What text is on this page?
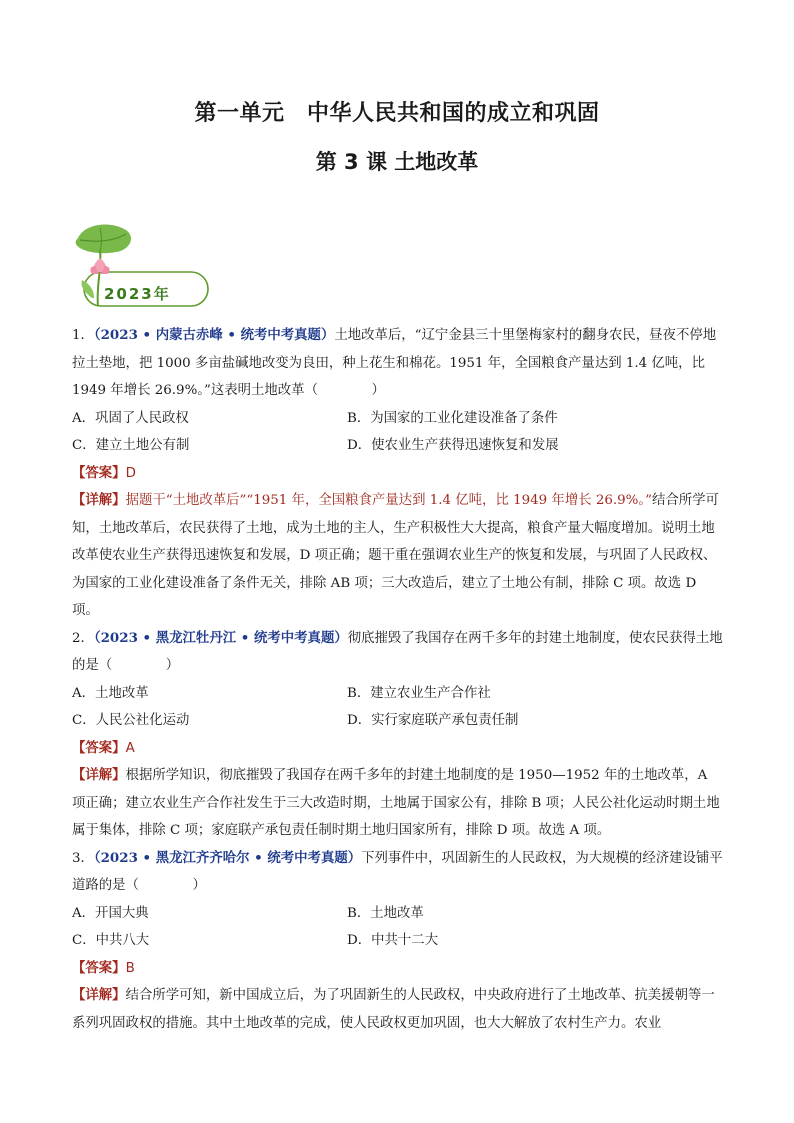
第一单元　中华人民共和国的成立和巩固
第 3 课 土地改革
2023年

1．（2023 • 内蒙古赤峰 • 统考中考真题）土地改革后，“辽宁金县三十里堡梅家村的翻身农民，昼夜不停地拉土垫地，把 1000 多亩盐碱地改变为良田，种上花生和棉花。1951 年，全国粮食产量达到 1.4 亿吨，比 1949 年增长 26.9%。”这表明土地改革（　　　　）

A．巩固了人民政权	B．为国家的工业化建设准备了条件
C．建立土地公有制	D．使农业生产获得迅速恢复和发展

【答案】D

【详解】据题干“土地改革后”“1951 年，全国粮食产量达到 1.4 亿吨，比 1949 年增长 26.9%。”结合所学可知，土地改革后，农民获得了土地，成为土地的主人，生产积极性大大提高，粮食产量大幅度增加。说明土地改革使农业生产获得迅速恢复和发展，D 项正确；题干重在强调农业生产的恢复和发展，与巩固了人民政权、为国家的工业化建设准备了条件无关，排除 AB 项；三大改造后，建立了土地公有制，排除 C 项。故选 D 项。

2．（2023 • 黑龙江牡丹江 • 统考中考真题）彻底摧毁了我国存在两千多年的封建土地制度，使农民获得土地的是（　　　　）

A．土地改革	B．建立农业生产合作社
C．人民公社化运动	D．实行家庭联产承包责任制

【答案】A

【详解】根据所学知识，彻底摧毁了我国存在两千多年的封建土地制度的是 1950—1952 年的土地改革，A 项正确；建立农业生产合作社发生于三大改造时期，土地属于国家公有，排除 B 项；人民公社化运动时期土地属于集体，排除 C 项；家庭联产承包责任制时期土地归国家所有，排除 D 项。故选 A 项。

3．（2023 • 黑龙江齐齐哈尔 • 统考中考真题）下列事件中，巩固新生的人民政权，为大规模的经济建设铺平道路的是（　　　　）

A．开国大典	B．土地改革
C．中共八大	D．中共十二大

【答案】B

【详解】结合所学可知，新中国成立后，为了巩固新生的人民政权，中央政府进行了土地改革、抗美援朝等一系列巩固政权的措施。其中土地改革的完成，使人民政权更加巩固，也大大解放了农村生产力。农业
